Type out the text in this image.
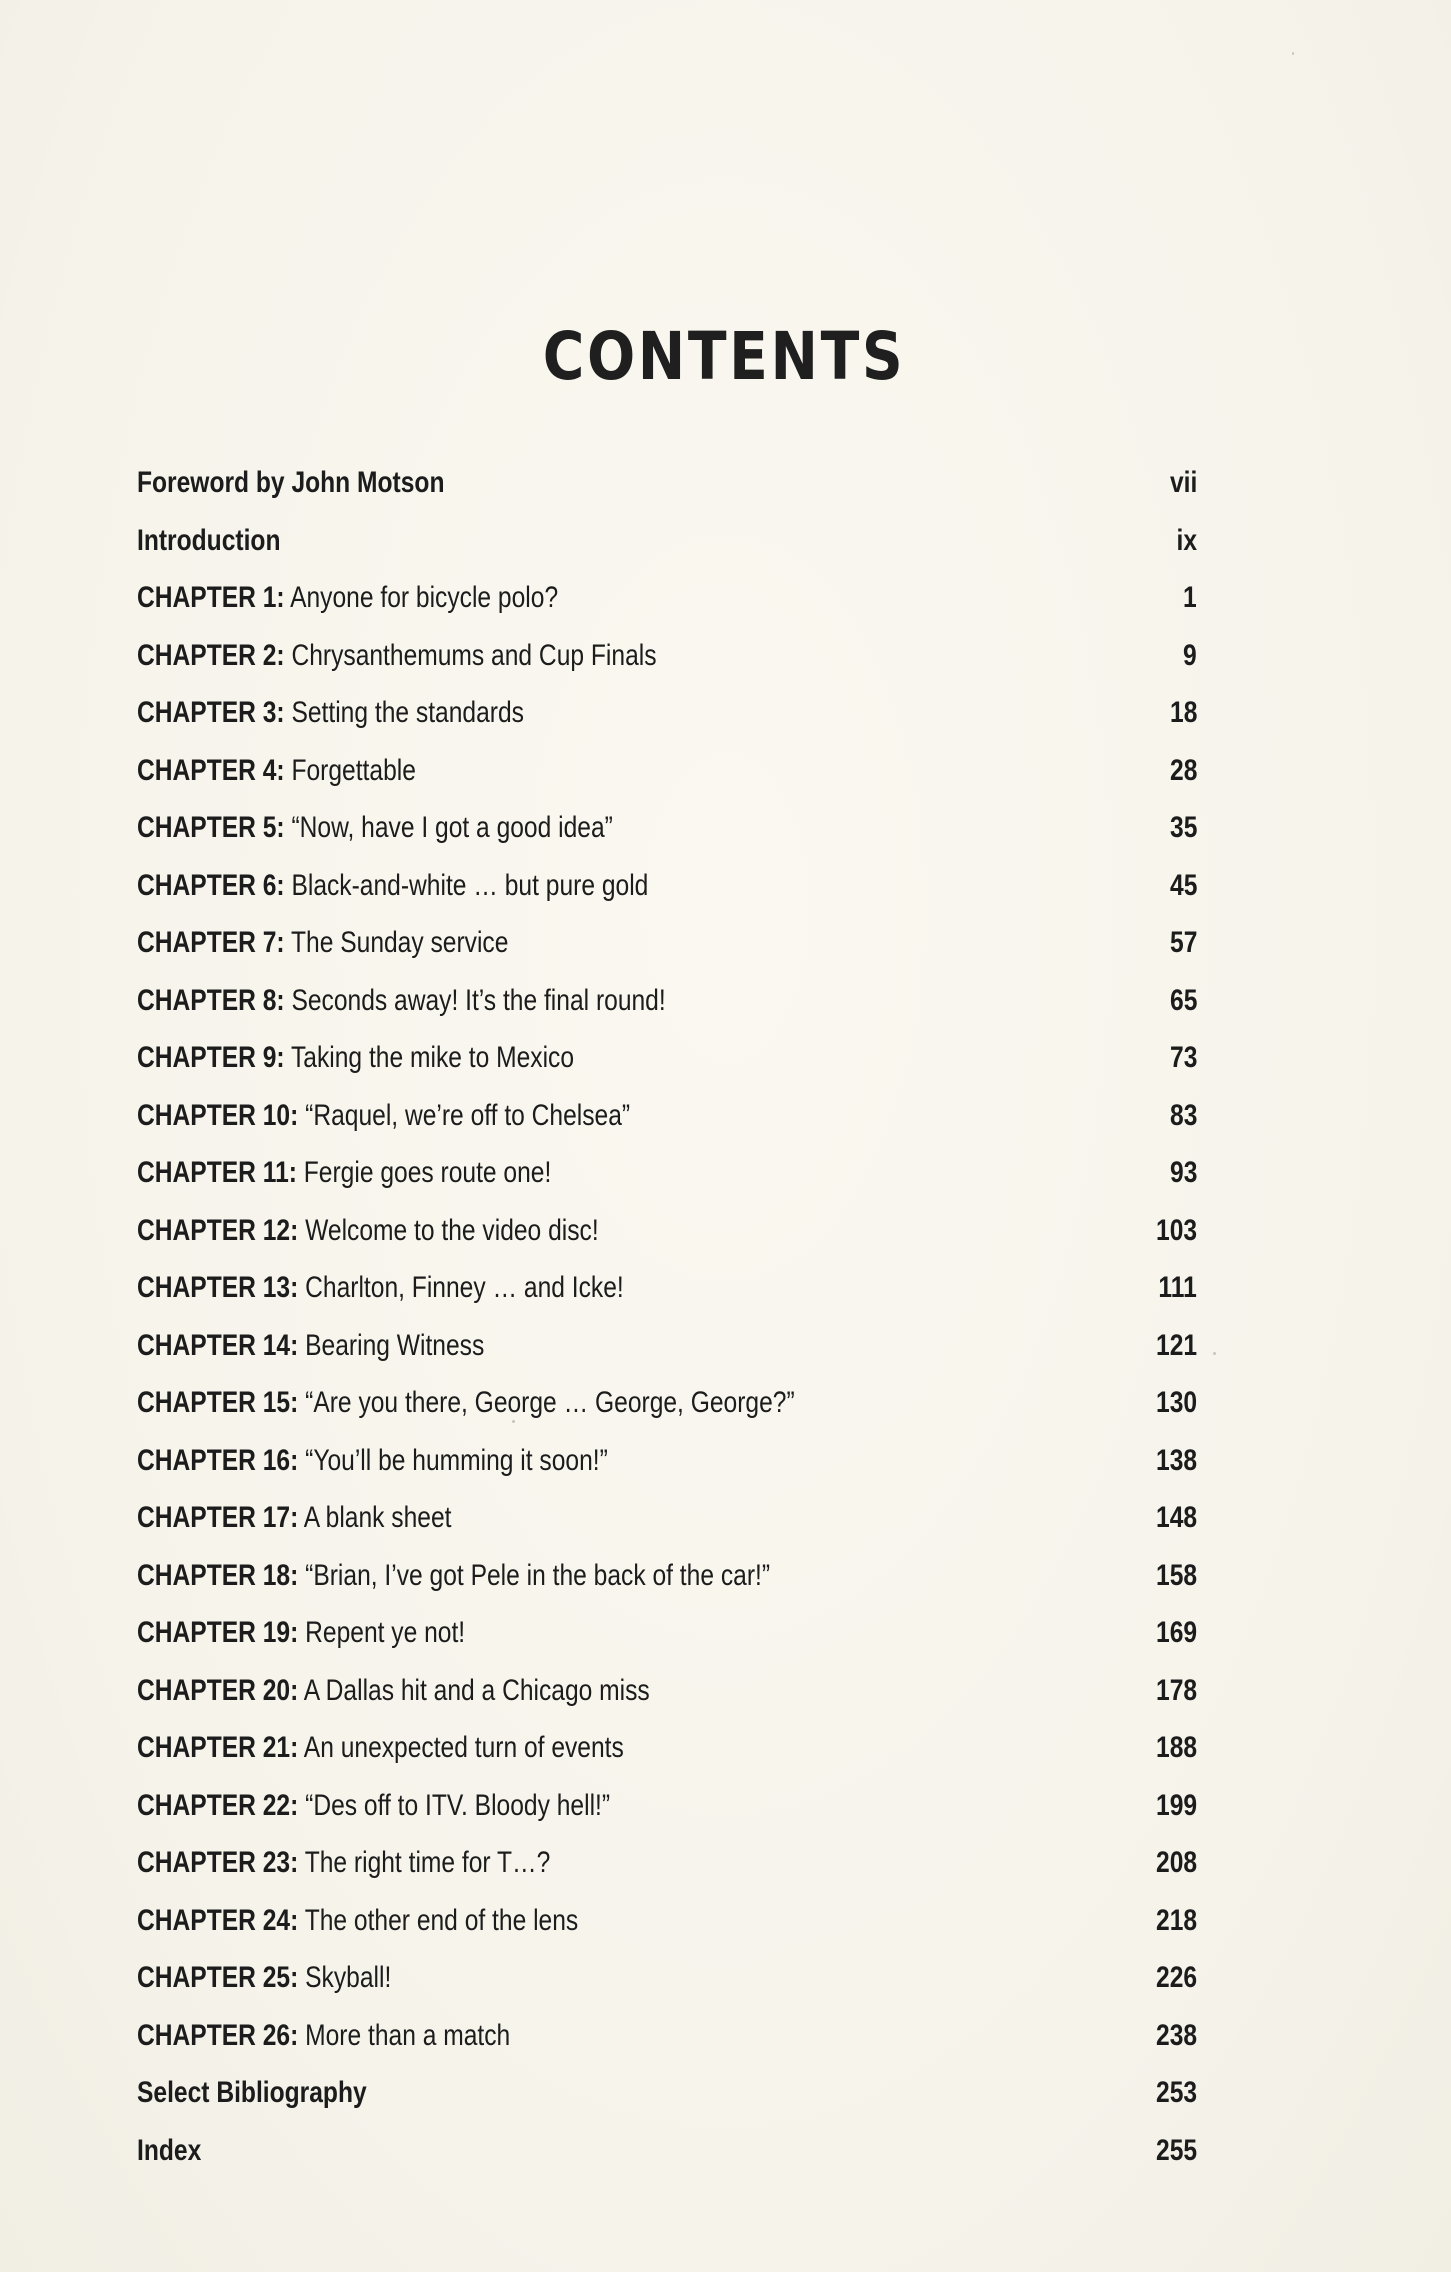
CONTENTS
Foreword by John Motson	vii
Introduction	ix
CHAPTER 1: Anyone for bicycle polo?	1
CHAPTER 2: Chrysanthemums and Cup Finals	9
CHAPTER 3: Setting the standards	18
CHAPTER 4: Forgettable	28
CHAPTER 5: “Now, have I got a good idea”	35
CHAPTER 6: Black-and-white … but pure gold	45
CHAPTER 7: The Sunday service	57
CHAPTER 8: Seconds away! It’s the final round!	65
CHAPTER 9: Taking the mike to Mexico	73
CHAPTER 10: “Raquel, we’re off to Chelsea”	83
CHAPTER 11: Fergie goes route one!	93
CHAPTER 12: Welcome to the video disc!	103
CHAPTER 13: Charlton, Finney … and Icke!	111
CHAPTER 14: Bearing Witness	121
CHAPTER 15: “Are you there, George … George, George?”	130
CHAPTER 16: “You’ll be humming it soon!”	138
CHAPTER 17: A blank sheet	148
CHAPTER 18: “Brian, I’ve got Pele in the back of the car!”	158
CHAPTER 19: Repent ye not!	169
CHAPTER 20: A Dallas hit and a Chicago miss	178
CHAPTER 21: An unexpected turn of events	188
CHAPTER 22: “Des off to ITV. Bloody hell!”	199
CHAPTER 23: The right time for T…?	208
CHAPTER 24: The other end of the lens	218
CHAPTER 25: Skyball!	226
CHAPTER 26: More than a match	238
Select Bibliography	253
Index	255
